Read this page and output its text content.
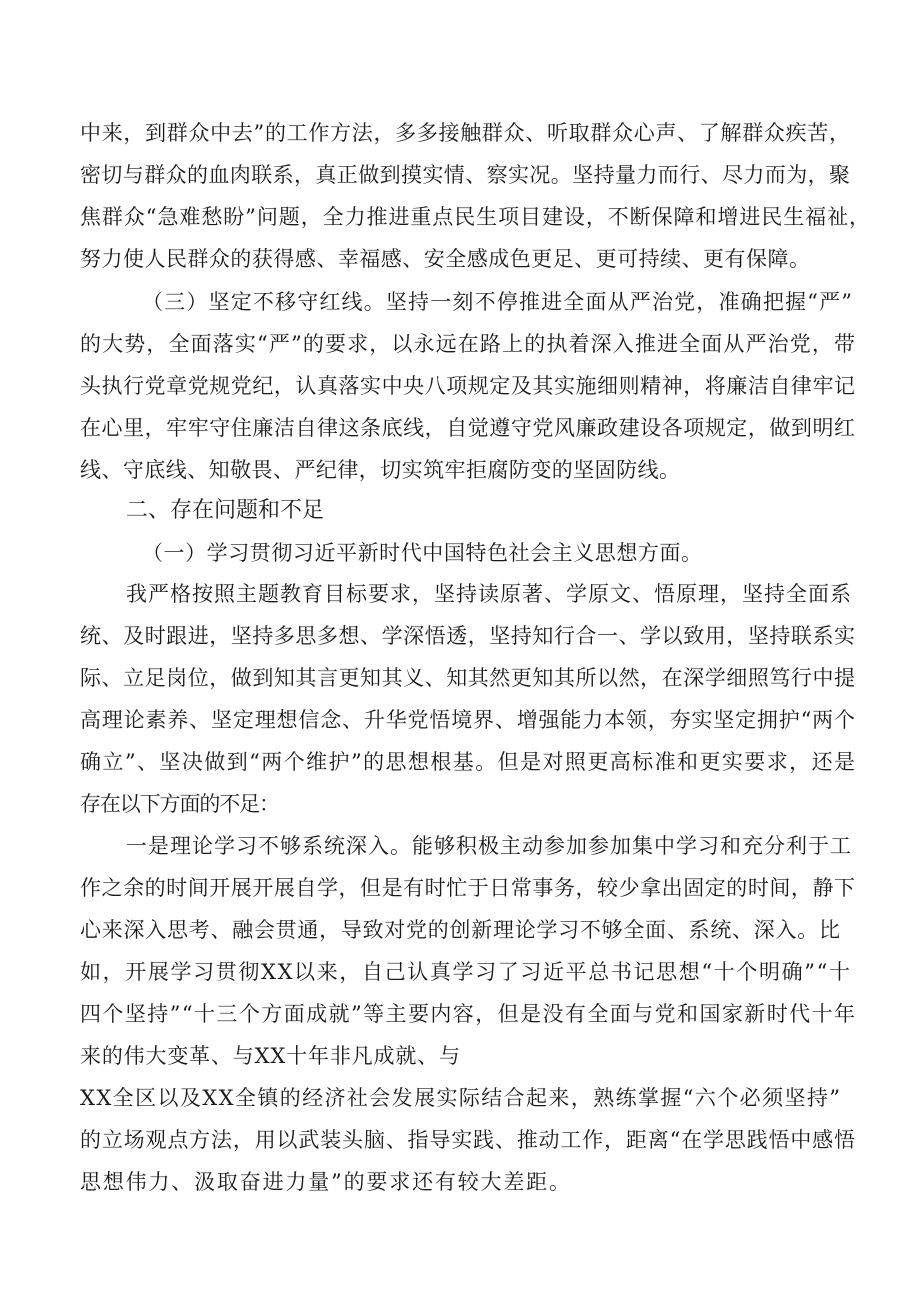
中来，到群众中去”的工作方法，多多接触群众、听取群众心声、了解群众疾苦，
密切与群众的血肉联系，真正做到摸实情、察实况。坚持量力而行、尽力而为，聚
焦群众“急难愁盼”问题，全力推进重点民生项目建设，不断保障和增进民生福祉，
努力使人民群众的获得感、幸福感、安全感成色更足、更可持续、更有保障。
（三）坚定不移守红线。坚持一刻不停推进全面从严治党，准确把握“严”
的大势，全面落实“严”的要求，以永远在路上的执着深入推进全面从严治党，带
头执行党章党规党纪，认真落实中央八项规定及其实施细则精神，将廉洁自律牢记
在心里，牢牢守住廉洁自律这条底线，自觉遵守党风廉政建设各项规定，做到明红
线、守底线、知敬畏、严纪律，切实筑牢拒腐防变的坚固防线。
二、存在问题和不足
（一）学习贯彻习近平新时代中国特色社会主义思想方面。
我严格按照主题教育目标要求，坚持读原著、学原文、悟原理，坚持全面系
统、及时跟进，坚持多思多想、学深悟透，坚持知行合一、学以致用，坚持联系实
际、立足岗位，做到知其言更知其义、知其然更知其所以然，在深学细照笃行中提
高理论素养、坚定理想信念、升华党悟境界、增强能力本领，夯实坚定拥护“两个
确立”、坚决做到“两个维护”的思想根基。但是对照更高标准和更实要求，还是
存在以下方面的不足：
一是理论学习不够系统深入。能够积极主动参加参加集中学习和充分利于工
作之余的时间开展开展自学，但是有时忙于日常事务，较少拿出固定的时间，静下
心来深入思考、融会贯通，导致对党的创新理论学习不够全面、系统、深入。比
如，开展学习贯彻XX以来，自己认真学习了习近平总书记思想“十个明确”“十
四个坚持”“十三个方面成就”等主要内容，但是没有全面与党和国家新时代十年
来的伟大变革、与XX十年非凡成就、与
XX全区以及XX全镇的经济社会发展实际结合起来，熟练掌握“六个必须坚持”
的立场观点方法，用以武装头脑、指导实践、推动工作，距离“在学思践悟中感悟
思想伟力、汲取奋进力量”的要求还有较大差距。
